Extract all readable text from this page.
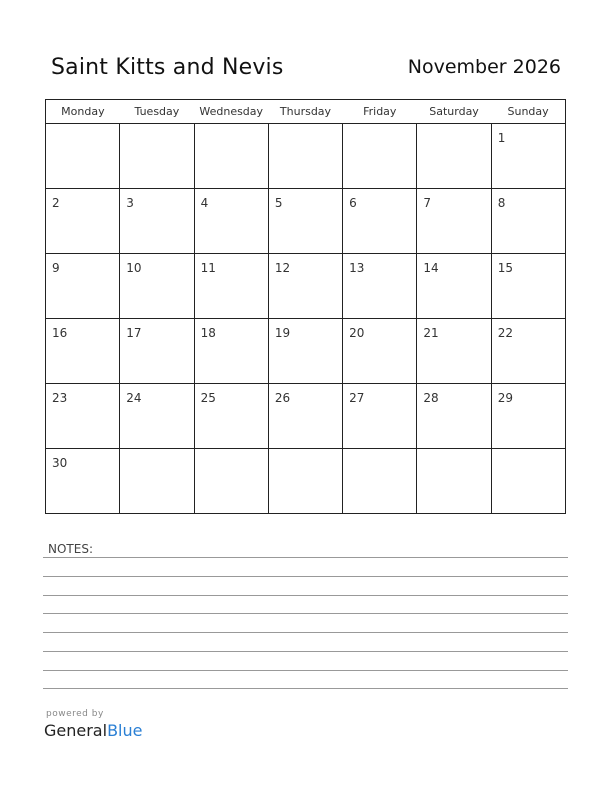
Saint Kitts and Nevis	November 2026
Monday	Tuesday	Wednesday	Thursday	Friday	Saturday	Sunday

						1

2	3	4	5	6	7	8

9	10	11	12	13	14	15

16	17	18	19	20	21	22

23	24	25	26	27	28	29

30						

NOTES:
powered by
GeneralBlue
